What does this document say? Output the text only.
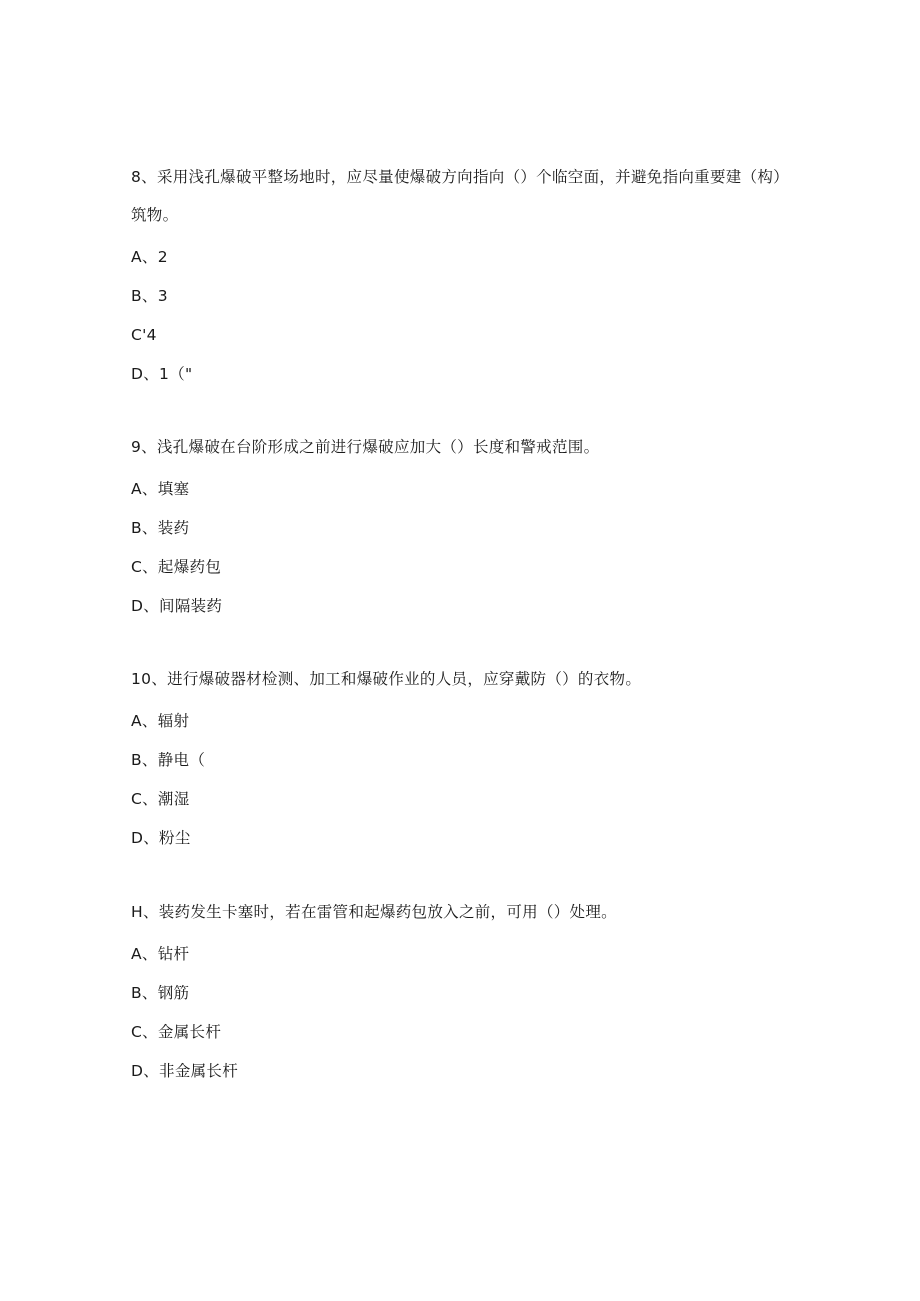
8、采用浅孔爆破平整场地时，应尽量使爆破方向指向（）个临空面，并避免指向重要建（构）筑物。

A、2

B、3

C'4

D、1（"

9、浅孔爆破在台阶形成之前进行爆破应加大（）长度和警戒范围。

A、填塞

B、装药

C、起爆药包

D、间隔装药

10、进行爆破器材检测、加工和爆破作业的人员，应穿戴防（）的衣物。

A、辐射

B、静电（

C、潮湿

D、粉尘

H、装药发生卡塞时，若在雷管和起爆药包放入之前，可用（）处理。

A、钻杆

B、钢筋

C、金属长杆

D、非金属长杆
